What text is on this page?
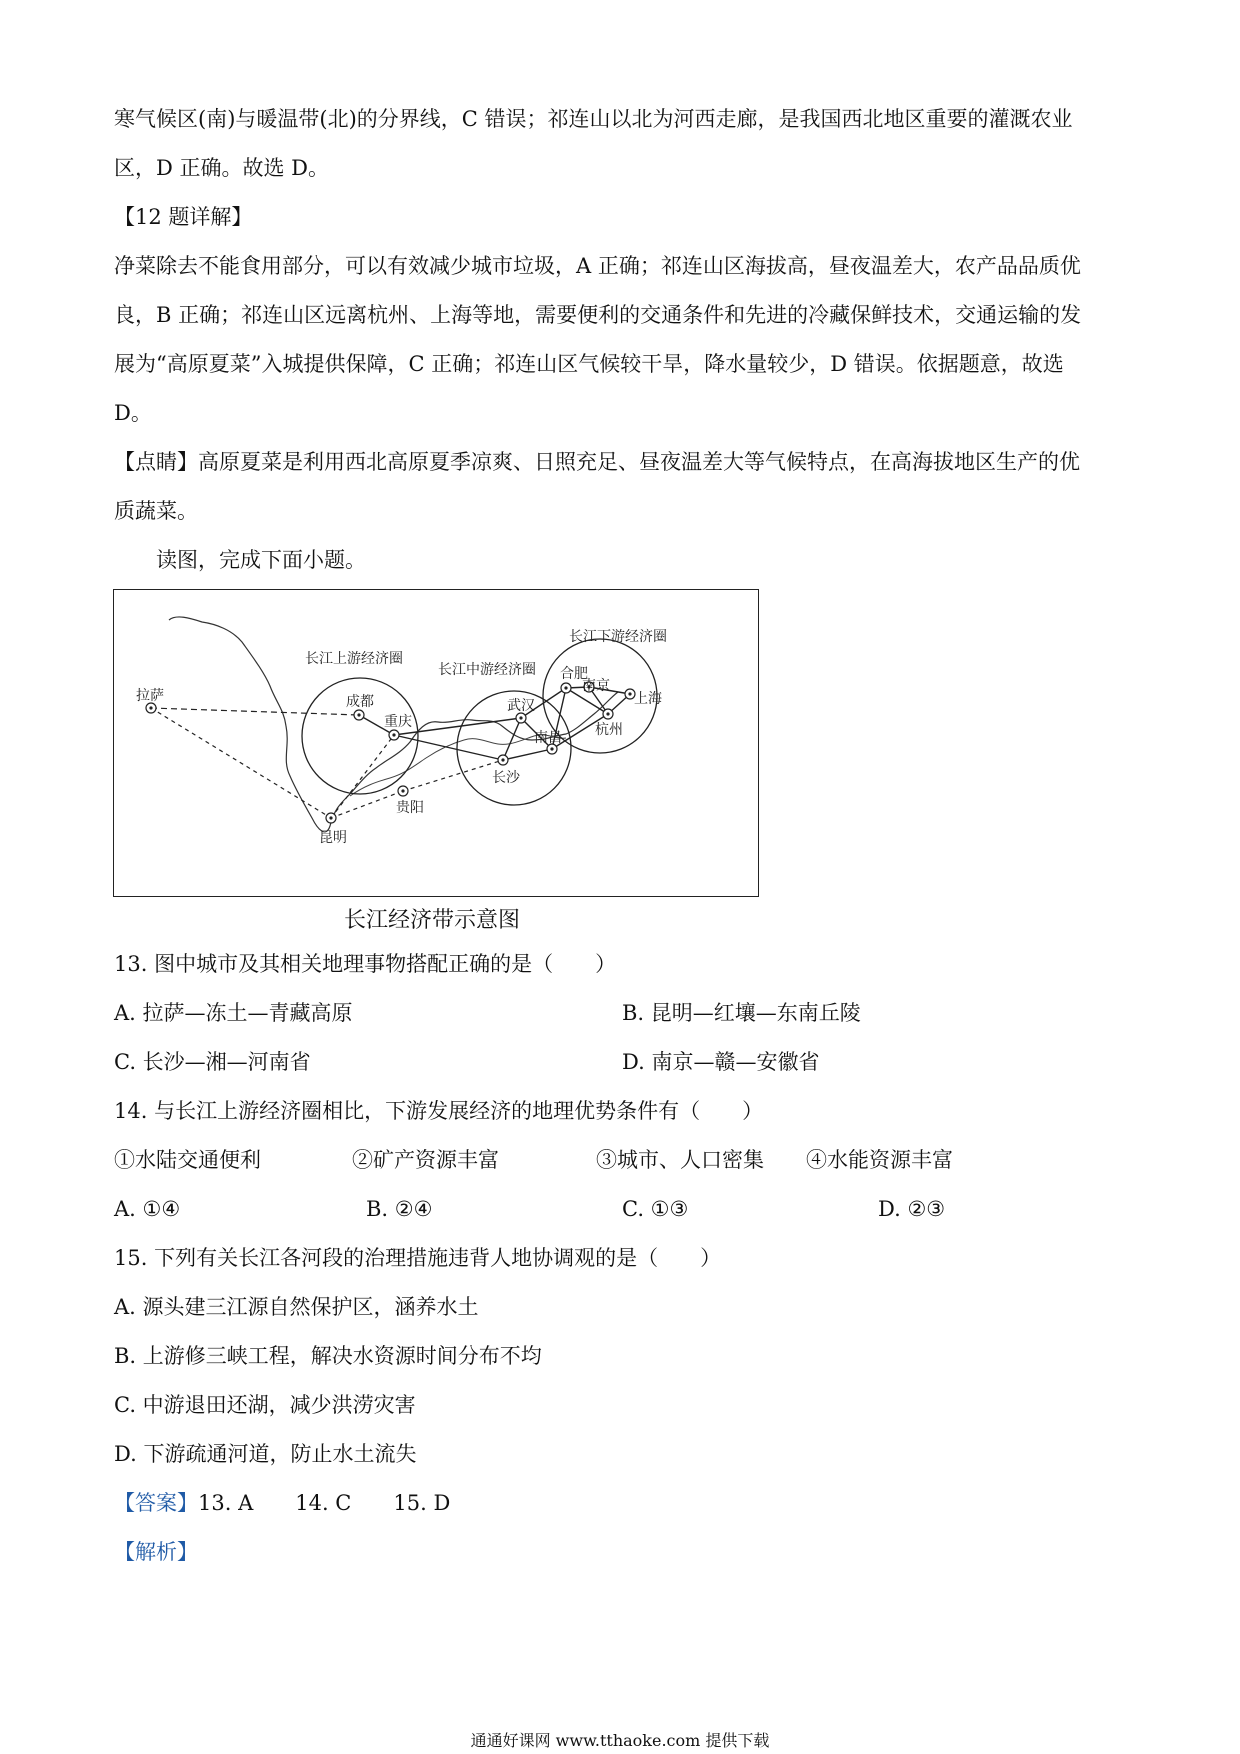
寒气候区(南)与暖温带(北)的分界线，C 错误；祁连山以北为河西走廊，是我国西北地区重要的灌溉农业
区，D 正确。故选 D。
【12 题详解】
净菜除去不能食用部分，可以有效减少城市垃圾，A 正确；祁连山区海拔高，昼夜温差大，农产品品质优
良，B 正确；祁连山区远离杭州、上海等地，需要便利的交通条件和先进的冷藏保鲜技术，交通运输的发
展为“高原夏菜”入城提供保障，C 正确；祁连山区气候较干旱，降水量较少，D 错误。依据题意，故选
D。
【点睛】高原夏菜是利用西北高原夏季凉爽、日照充足、昼夜温差大等气候特点，在高海拔地区生产的优
质蔬菜。
读图，完成下面小题。
长江上游经济圈
长江中游经济圈
长江下游经济圈
拉萨	成都
重庆
昆明
贵阳
武汉
长沙
南昌
合肥
南京
上海
杭州
长江经济带示意图
13. 图中城市及其相关地理事物搭配正确的是（　　）
A. 拉萨—冻土—青藏高原	B. 昆明—红壤—东南丘陵
C. 长沙—湘—河南省	D. 南京—赣—安徽省
14. 与长江上游经济圈相比，下游发展经济的地理优势条件有（　　）
①水陆交通便利	②矿产资源丰富	③城市、人口密集 ④水能资源丰富
A. ①④	B. ②④	C. ①③	D. ②③
15. 下列有关长江各河段的治理措施违背人地协调观的是（　　）
A. 源头建三江源自然保护区，涵养水土
B. 上游修三峡工程，解决水资源时间分布不均
C. 中游退田还湖，减少洪涝灾害
D. 下游疏通河道，防止水土流失
【答案】13. A　　14. C　　15. D
【解析】
通通好课网 www.tthaoke.com 提供下载
